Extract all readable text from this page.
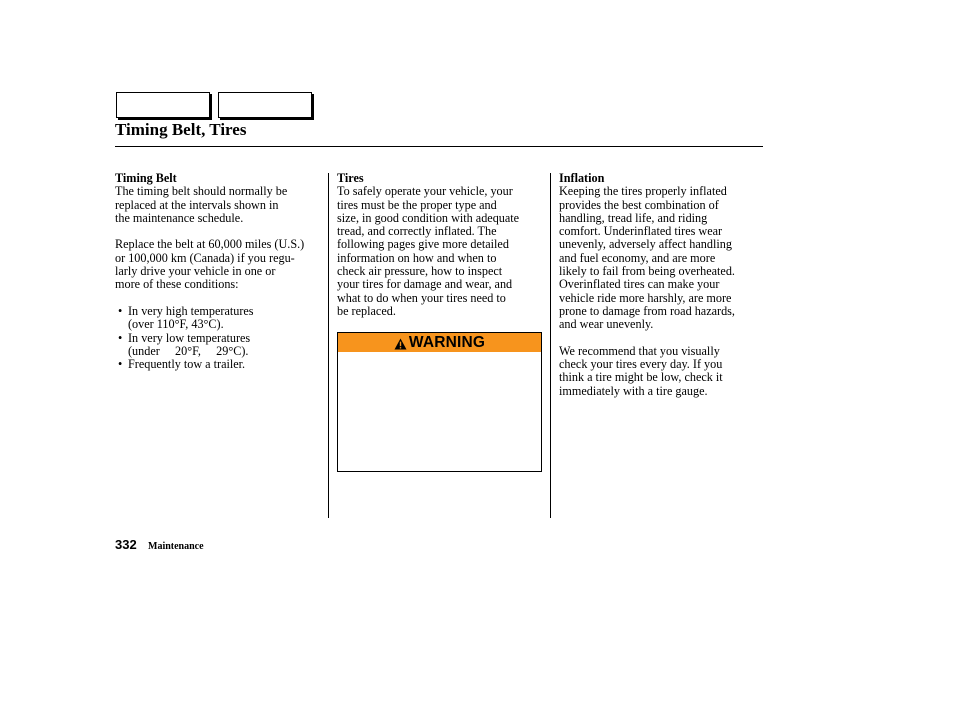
Timing Belt, Tires

Timing Belt

The timing belt should normally be
replaced at the intervals shown in
the maintenance schedule.

Replace the belt at 60,000 miles (U.S.)
or 100,000 km (Canada) if you regu-
larly drive your vehicle in one or
more of these conditions:

• In very high temperatures
(over 110°F, 43°C).
• In very low temperatures
(under     20°F,     29°C).
• Frequently tow a trailer.

Tires

To safely operate your vehicle, your
tires must be the proper type and
size, in good condition with adequate
tread, and correctly inflated. The
following pages give more detailed
information on how and when to
check air pressure, how to inspect
your tires for damage and wear, and
what to do when your tires need to
be replaced.

WARNING

Inflation

Keeping the tires properly inflated
provides the best combination of
handling, tread life, and riding
comfort. Underinflated tires wear
unevenly, adversely affect handling
and fuel economy, and are more
likely to fail from being overheated.
Overinflated tires can make your
vehicle ride more harshly, are more
prone to damage from road hazards,
and wear unevenly.

We recommend that you visually
check your tires every day. If you
think a tire might be low, check it
immediately with a tire gauge.

332 Maintenance
